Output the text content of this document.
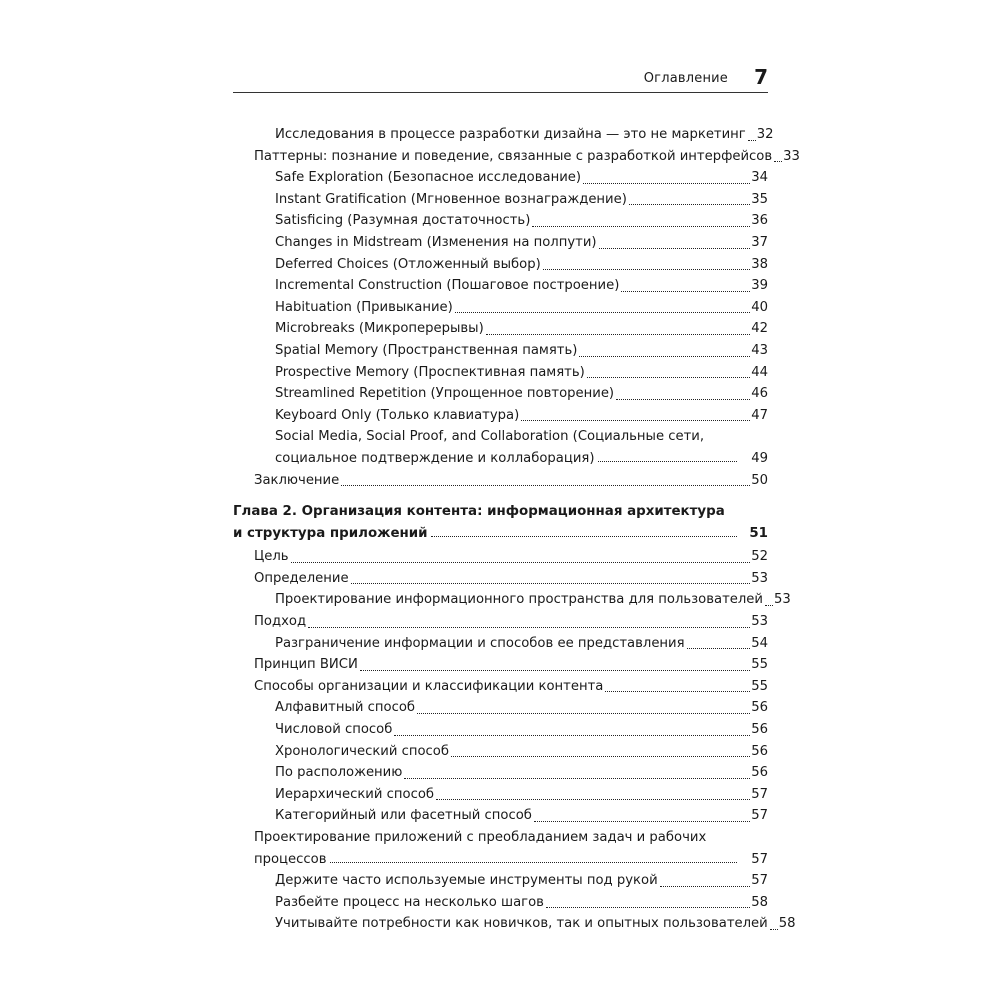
Оглавление 7
Исследования в процессе разработки дизайна — это не маркетинг 32
Паттерны: познание и поведение, связанные с разработкой интерфейсов 33
Safe Exploration (Безопасное исследование)	34
Instant Gratification (Мгновенное вознаграждение)	35
Satisficing (Разумная достаточность)	36
Changes in Midstream (Изменения на полпути)	37
Deferred Choices (Отложенный выбор)	38
Incremental Construction (Пошаговое построение)	39
Habituation (Привыкание)	40
Microbreaks (Микроперерывы)	42
Spatial Memory (Пространственная память)	43
Prospective Memory (Проспективная память)	44
Streamlined Repetition (Упрощенное повторение)	46
Keyboard Only (Только клавиатура)	47
Social Media, Social Proof, and Collaboration (Социальные сети, социальное подтверждение и коллаборация)	49
Заключение	50
Глава 2. Организация контента: информационная архитектура и структура приложений	51
Цель	52
Определение	53
Проектирование информационного пространства для пользователей 53
Подход	53
Разграничение информации и способов ее представления	54
Принцип ВИСИ	55
Способы организации и классификации контента	55
Алфавитный способ	56
Числовой способ	56
Хронологический способ	56
По расположению	56
Иерархический способ	57
Категорийный или фасетный способ	57
Проектирование приложений с преобладанием задач и рабочих процессов	57
Держите часто используемые инструменты под рукой	57
Разбейте процесс на несколько шагов	58
Учитывайте потребности как новичков, так и опытных пользователей 58
